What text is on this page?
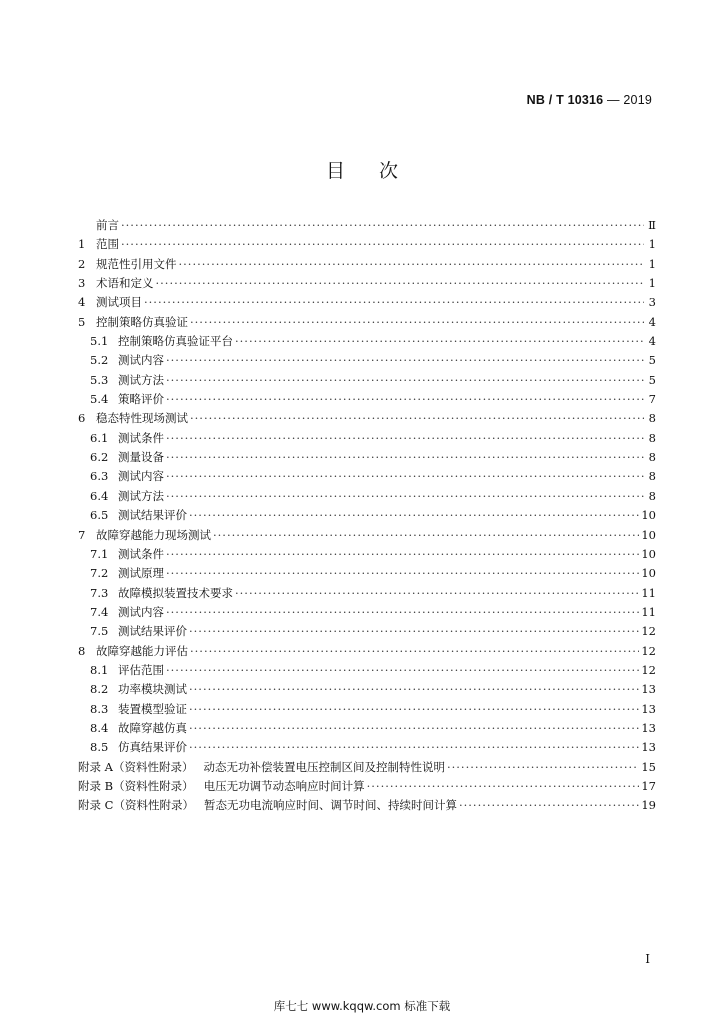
NB / T 10316 — 2019
目次
前言 ·····	Ⅱ
1 范围 ·····	1
2 规范性引用文件 ·····	1
3 术语和定义 ·····	1
4 测试项目 ·····	3
5 控制策略仿真验证 ·····	4
5.1 控制策略仿真验证平台 ·····	4
5.2 测试内容 ·····	5
5.3 测试方法 ·····	5
5.4 策略评价 ·····	7
6 稳态特性现场测试 ·····	8
6.1 测试条件 ·····	8
6.2 测量设备 ·····	8
6.3 测试内容 ·····	8
6.4 测试方法 ·····	8
6.5 测试结果评价 ·····	10
7 故障穿越能力现场测试 ·····	10
7.1 测试条件 ·····	10
7.2 测试原理 ·····	10
7.3 故障模拟装置技术要求 ·····	11
7.4 测试内容 ·····	11
7.5 测试结果评价 ·····	12
8 故障穿越能力评估 ·····	12
8.1 评估范围 ·····	12
8.2 功率模块测试 ·····	13
8.3 装置模型验证 ·····	13
8.4 故障穿越仿真 ·····	13
8.5 仿真结果评价 ·····	13
附录 A（资料性附录） 动态无功补偿装置电压控制区间及控制特性说明 ·····	15
附录 B（资料性附录） 电压无功调节动态响应时间计算 ·····	17
附录 C（资料性附录） 暂态无功电流响应时间、调节时间、持续时间计算 ·····	19
I
库七七 www.kqqw.com 标准下载
